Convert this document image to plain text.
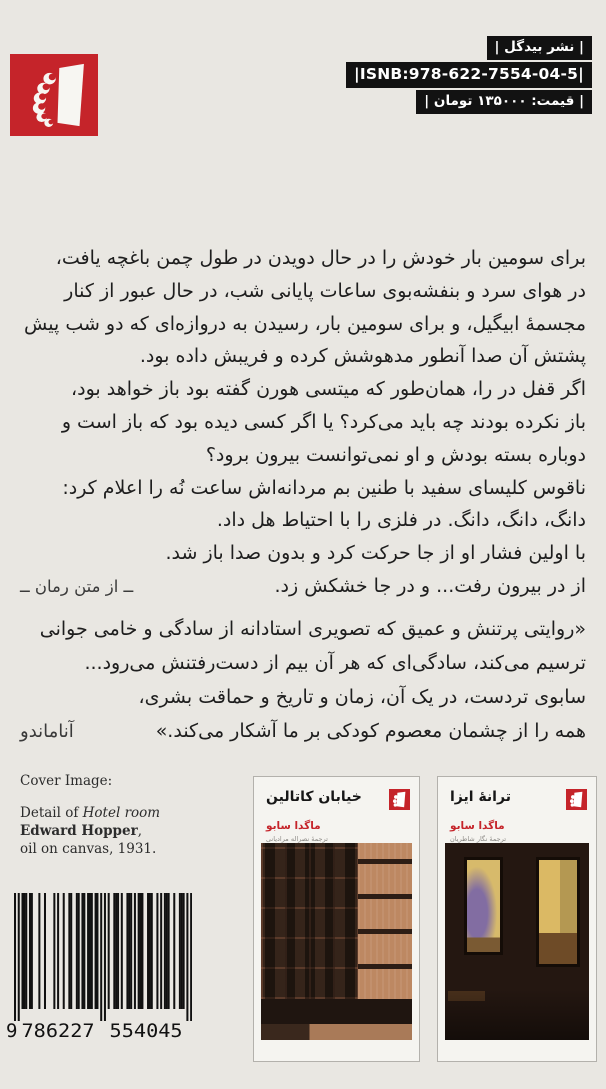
| نشر بیدگل |
|ISNB:978-622-7554-04-5|
| قیمت: ۱۳۵۰۰۰ تومان |
برای سومین بار خودش را در حال دویدن در طول چمن باغچه یافت،
در هوای سرد و بنفشه‌بوی ساعات پایانی شب، در حال عبور از کنار
مجسمهٔ ابیگیل، و برای سومین بار، رسیدن به دروازه‌ای که دو شب پیش
پشتش آن صدا آنطور مدهوشش کرده و فریبش داده بود.
اگر قفل در را، همان‌طور که میتسی هورن گفته بود باز خواهد بود،
باز نکرده بودند چه باید می‌کرد؟ یا اگر کسی دیده بود که باز است و
دوباره بسته بودش و او نمی‌توانست بیرون برود؟
ناقوس کلیسای سفید با طنین بم مردانه‌اش ساعت نُه را اعلام کرد:
دانگ، دانگ، دانگ. در فلزی را با احتیاط هل داد.
با اولین فشار او از جا حرکت کرد و بدون صدا باز شد.
از در بیرون رفت... و در جا خشکش زد.
ــ از متن رمان ــ
«روایتی پرتنش و عمیق که تصویری استادانه از سادگی و خامی جوانی
ترسیم می‌کند، سادگی‌ای که هر آن بیم از دست‌رفتنش می‌رود...
سابوی تردست، در یک آن، زمان و تاریخ و حماقت بشری،
همه را از چشمان معصوم کودکی بر ما آشکار می‌کند.»
آناماندو
Cover Image:
Detail of Hotel room
Edward Hopper,
oil on canvas, 1931.
9 786227 554045
خیابان کاتالین
ماگدا سابو
ترجمهٔ نصراله مرادیانی
ترانهٔ ایزا
ماگدا سابو
ترجمهٔ نگار شاطریان
